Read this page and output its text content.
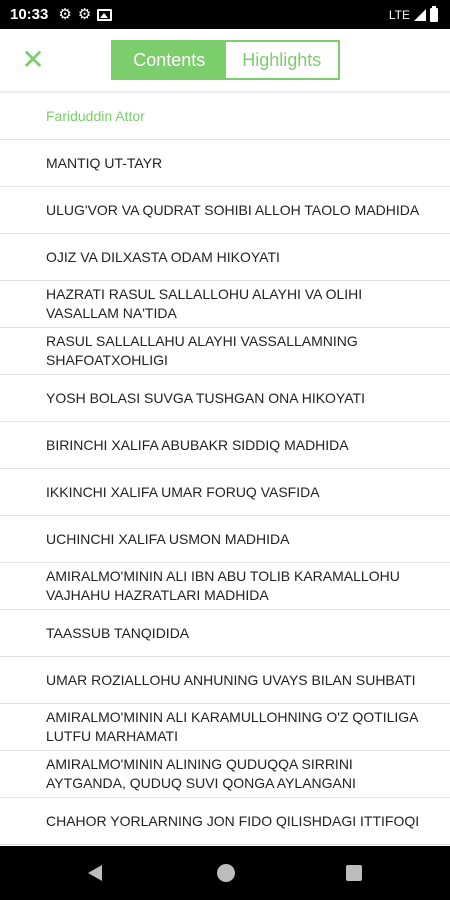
10:33 ⚙ ⚙	LTE
✕	Contents	Highlights
Fariduddin Attor
MANTIQ UT-TAYR
ULUG'VOR VA QUDRAT SOHIBI ALLOH TAOLO MADHIDA
OJIZ VA DILXASTA ODAM HIKOYATI
HAZRATI RASUL SALLALLOHU ALAYHI VA OLIHI VASALLAM NA'TIDA
RASUL SALLALLAHU ALAYHI VASSALLAMNING SHAFOATXOHLIGI
YOSH BOLASI SUVGA TUSHGAN ONA HIKOYATI
BIRINCHI XALIFA ABUBAKR SIDDIQ MADHIDA
IKKINCHI XALIFA UMAR FORUQ VASFIDA
UCHINCHI XALIFA USMON MADHIDA
AMIRALMO'MININ ALI IBN ABU TOLIB KARAMALLOHU VAJHAHU HAZRATLARI MADHIDA
TAASSUB TANQIDIDA
UMAR ROZIALLOHU ANHUNING UVAYS BILAN SUHBATI
AMIRALMO'MININ ALI KARAMULLOHNING O'Z QOTILIGA LUTFU MARHAMATI
AMIRALMO'MININ ALINING QUDUQQA SIRRINI AYTGANDA, QUDUQ SUVI QONGA AYLANGANI
CHAHOR YORLARNING JON FIDO QILISHDAGI ITTIFOQI
